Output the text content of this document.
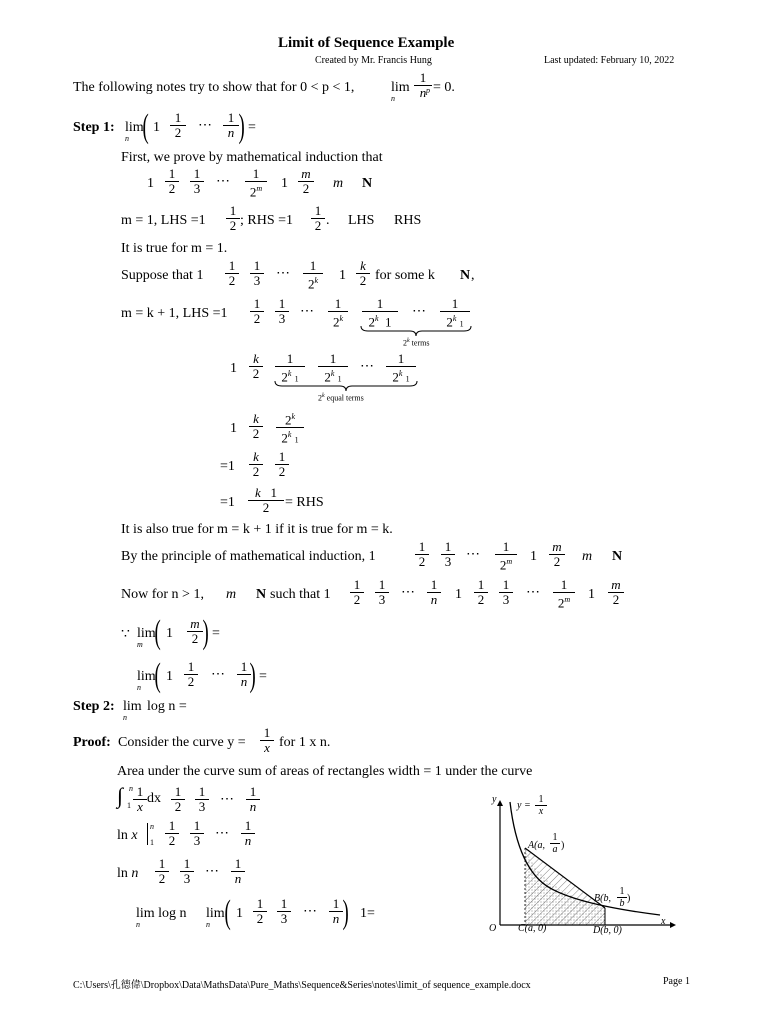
Limit of Sequence Example
Created by Mr. Francis Hung	Last updated: February 10, 2022
The following notes try to show that for 0 < p < 1,	lim
n $\frac{1}{n}$
p = 0.
Step 1: lim
n ( $1 \frac{1}{2}$ ⋯ $\frac{1}{n}$ ) =
First, we prove by mathematical induction that
$1 \frac{1}{2} \frac{1}{3}$ ⋯ $\frac{1}{2^m} 1 \frac{m}{2}$ m N
m = 1, LHS $=1 \frac{1}{2}$ ; RHS $=1 \frac{1}{2}$ . LHS RHS
It is true for m = 1.
Suppose that $1 \frac{1}{2} \frac{1}{3}$ ⋯ $\frac{1}{2^k} 1 \frac{k}{2}$ for some k N ,
m = k + 1, LHS $=1 \frac{1}{2} \frac{1}{3}$ ⋯ $\frac{1}{2^k} \frac{1}{2^k 1}$ ⋯ $\frac{1}{2^k 1}$
2$^k$ terms
$1 \frac{k}{2} \frac{1}{2^k 1} \frac{1}{2^k 1}$ ⋯ $\frac{1}{2^k 1}$
2$^k$ equal terms
$1 \frac{k}{2} \frac{2^k}{2^k 1}$
$=1 \frac{k}{2} \frac{1}{2}$
$=1 \frac{k 1}{2}$ = RHS
It is also true for m = k + 1 if it is true for m = k.
By the principle of mathematical induction, 1	$\frac{1}{2} \frac{1}{3}$ ⋯ $\frac{1}{2^m} 1 \frac{m}{2}$ m N
Now for n > 1, m N such that $1 \frac{1}{2} \frac{1}{3}$ ⋯ $\frac{1}{n} 1 \frac{1}{2} \frac{1}{3}$ ⋯ $\frac{1}{2^m} 1 \frac{m}{2}$
∵ lim
m ( $1 \frac{m}{2}$ ) =
lim
n ( $1 \frac{1}{2}$ ⋯ $\frac{1}{n}$
) =
Step 2: lim
n
log n =
Proof: Consider the curve $y = \frac{1}{x}$ for 1 x n.
Area under the curve sum of areas of rectangles width = 1 under the curve
∫ n
$1 \frac{1}{x}$ dx $\frac{1}{2} \frac{1}{3}$ ⋯ $\frac{1}{n}$
ln x
n
$1 \frac{1}{2} \frac{1}{3}$ ⋯ $\frac{1}{n}$
ln n $\frac{1}{2} \frac{1}{3}$ ⋯ $\frac{1}{n}$
lim log n
n
lim
n ( $1 \frac{1}{2} \frac{1}{3}$ ⋯ $\frac{1}{n}$ ) 1=
y
x
$y = \frac{1}{x}$
A(a, $\frac{1}{a}$ )
B(b, $\frac{1}{b}$ )
O C(a, 0)	D(b, 0)
C:\Users\孔德偉\Dropbox\Data\MathsData\Pure_Maths\Sequence&Series\notes\limit_of sequence_example.docx	Page 1
